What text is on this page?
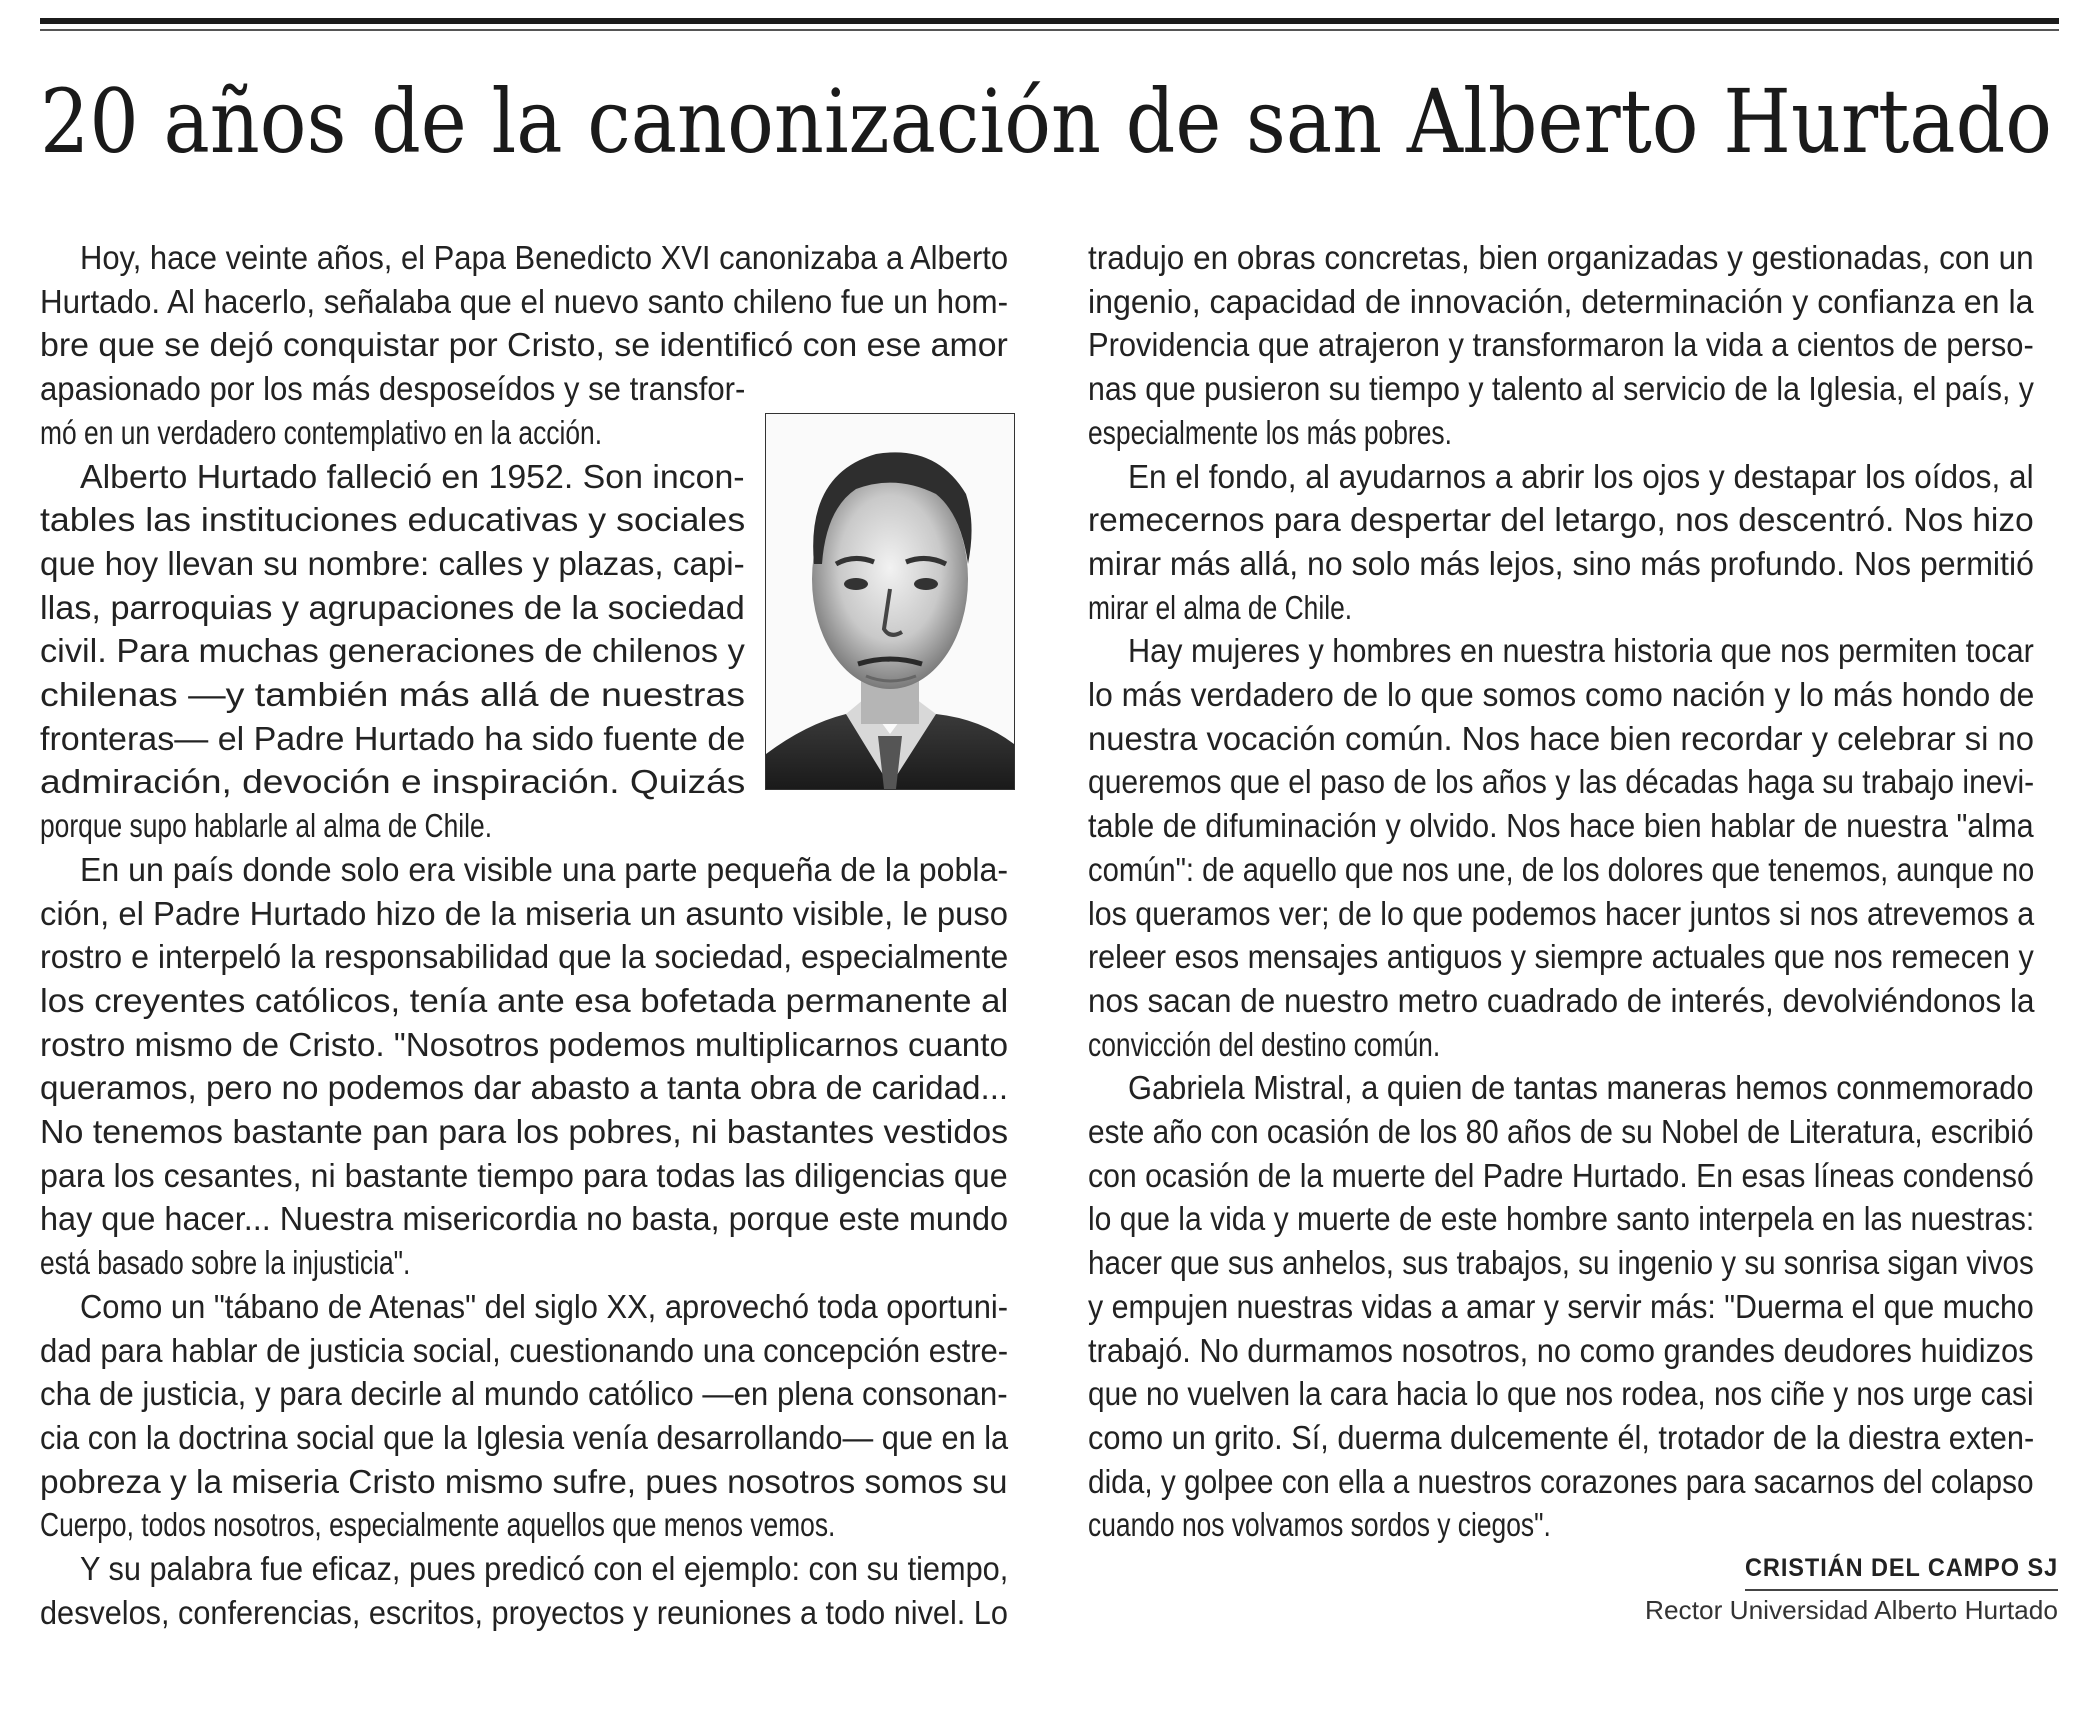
20 años de la canonización de san Alberto Hurtado
Hoy, hace veinte años, el Papa Benedicto XVI canonizaba a Alberto
Hurtado. Al hacerlo, señalaba que el nuevo santo chileno fue un hom-
bre que se dejó conquistar por Cristo, se identificó con ese amor
apasionado por los más desposeídos y se transfor-
mó en un verdadero contemplativo en la acción.
Alberto Hurtado falleció en 1952. Son incon-
tables las instituciones educativas y sociales
que hoy llevan su nombre: calles y plazas, capi-
llas, parroquias y agrupaciones de la sociedad
civil. Para muchas generaciones de chilenos y
chilenas —y también más allá de nuestras
fronteras— el Padre Hurtado ha sido fuente de
admiración, devoción e inspiración. Quizás
porque supo hablarle al alma de Chile.
En un país donde solo era visible una parte pequeña de la pobla-
ción, el Padre Hurtado hizo de la miseria un asunto visible, le puso
rostro e interpeló la responsabilidad que la sociedad, especialmente
los creyentes católicos, tenía ante esa bofetada permanente al
rostro mismo de Cristo. "Nosotros podemos multiplicarnos cuanto
queramos, pero no podemos dar abasto a tanta obra de caridad...
No tenemos bastante pan para los pobres, ni bastantes vestidos
para los cesantes, ni bastante tiempo para todas las diligencias que
hay que hacer... Nuestra misericordia no basta, porque este mundo
está basado sobre la injusticia".
Como un "tábano de Atenas" del siglo XX, aprovechó toda oportuni-
dad para hablar de justicia social, cuestionando una concepción estre-
cha de justicia, y para decirle al mundo católico —en plena consonan-
cia con la doctrina social que la Iglesia venía desarrollando— que en la
pobreza y la miseria Cristo mismo sufre, pues nosotros somos su
Cuerpo, todos nosotros, especialmente aquellos que menos vemos.
Y su palabra fue eficaz, pues predicó con el ejemplo: con su tiempo,
desvelos, conferencias, escritos, proyectos y reuniones a todo nivel. Lo
tradujo en obras concretas, bien organizadas y gestionadas, con un
ingenio, capacidad de innovación, determinación y confianza en la
Providencia que atrajeron y transformaron la vida a cientos de perso-
nas que pusieron su tiempo y talento al servicio de la Iglesia, el país, y
especialmente los más pobres.
En el fondo, al ayudarnos a abrir los ojos y destapar los oídos, al
remecernos para despertar del letargo, nos descentró. Nos hizo
mirar más allá, no solo más lejos, sino más profundo. Nos permitió
mirar el alma de Chile.
Hay mujeres y hombres en nuestra historia que nos permiten tocar
lo más verdadero de lo que somos como nación y lo más hondo de
nuestra vocación común. Nos hace bien recordar y celebrar si no
queremos que el paso de los años y las décadas haga su trabajo inevi-
table de difuminación y olvido. Nos hace bien hablar de nuestra "alma
común": de aquello que nos une, de los dolores que tenemos, aunque no
los queramos ver; de lo que podemos hacer juntos si nos atrevemos a
releer esos mensajes antiguos y siempre actuales que nos remecen y
nos sacan de nuestro metro cuadrado de interés, devolviéndonos la
convicción del destino común.
Gabriela Mistral, a quien de tantas maneras hemos conmemorado
este año con ocasión de los 80 años de su Nobel de Literatura, escribió
con ocasión de la muerte del Padre Hurtado. En esas líneas condensó
lo que la vida y muerte de este hombre santo interpela en las nuestras:
hacer que sus anhelos, sus trabajos, su ingenio y su sonrisa sigan vivos
y empujen nuestras vidas a amar y servir más: "Duerma el que mucho
trabajó. No durmamos nosotros, no como grandes deudores huidizos
que no vuelven la cara hacia lo que nos rodea, nos ciñe y nos urge casi
como un grito. Sí, duerma dulcemente él, trotador de la diestra exten-
dida, y golpee con ella a nuestros corazones para sacarnos del colapso
cuando nos volvamos sordos y ciegos".
CRISTIÁN DEL CAMPO SJ
Rector Universidad Alberto Hurtado
